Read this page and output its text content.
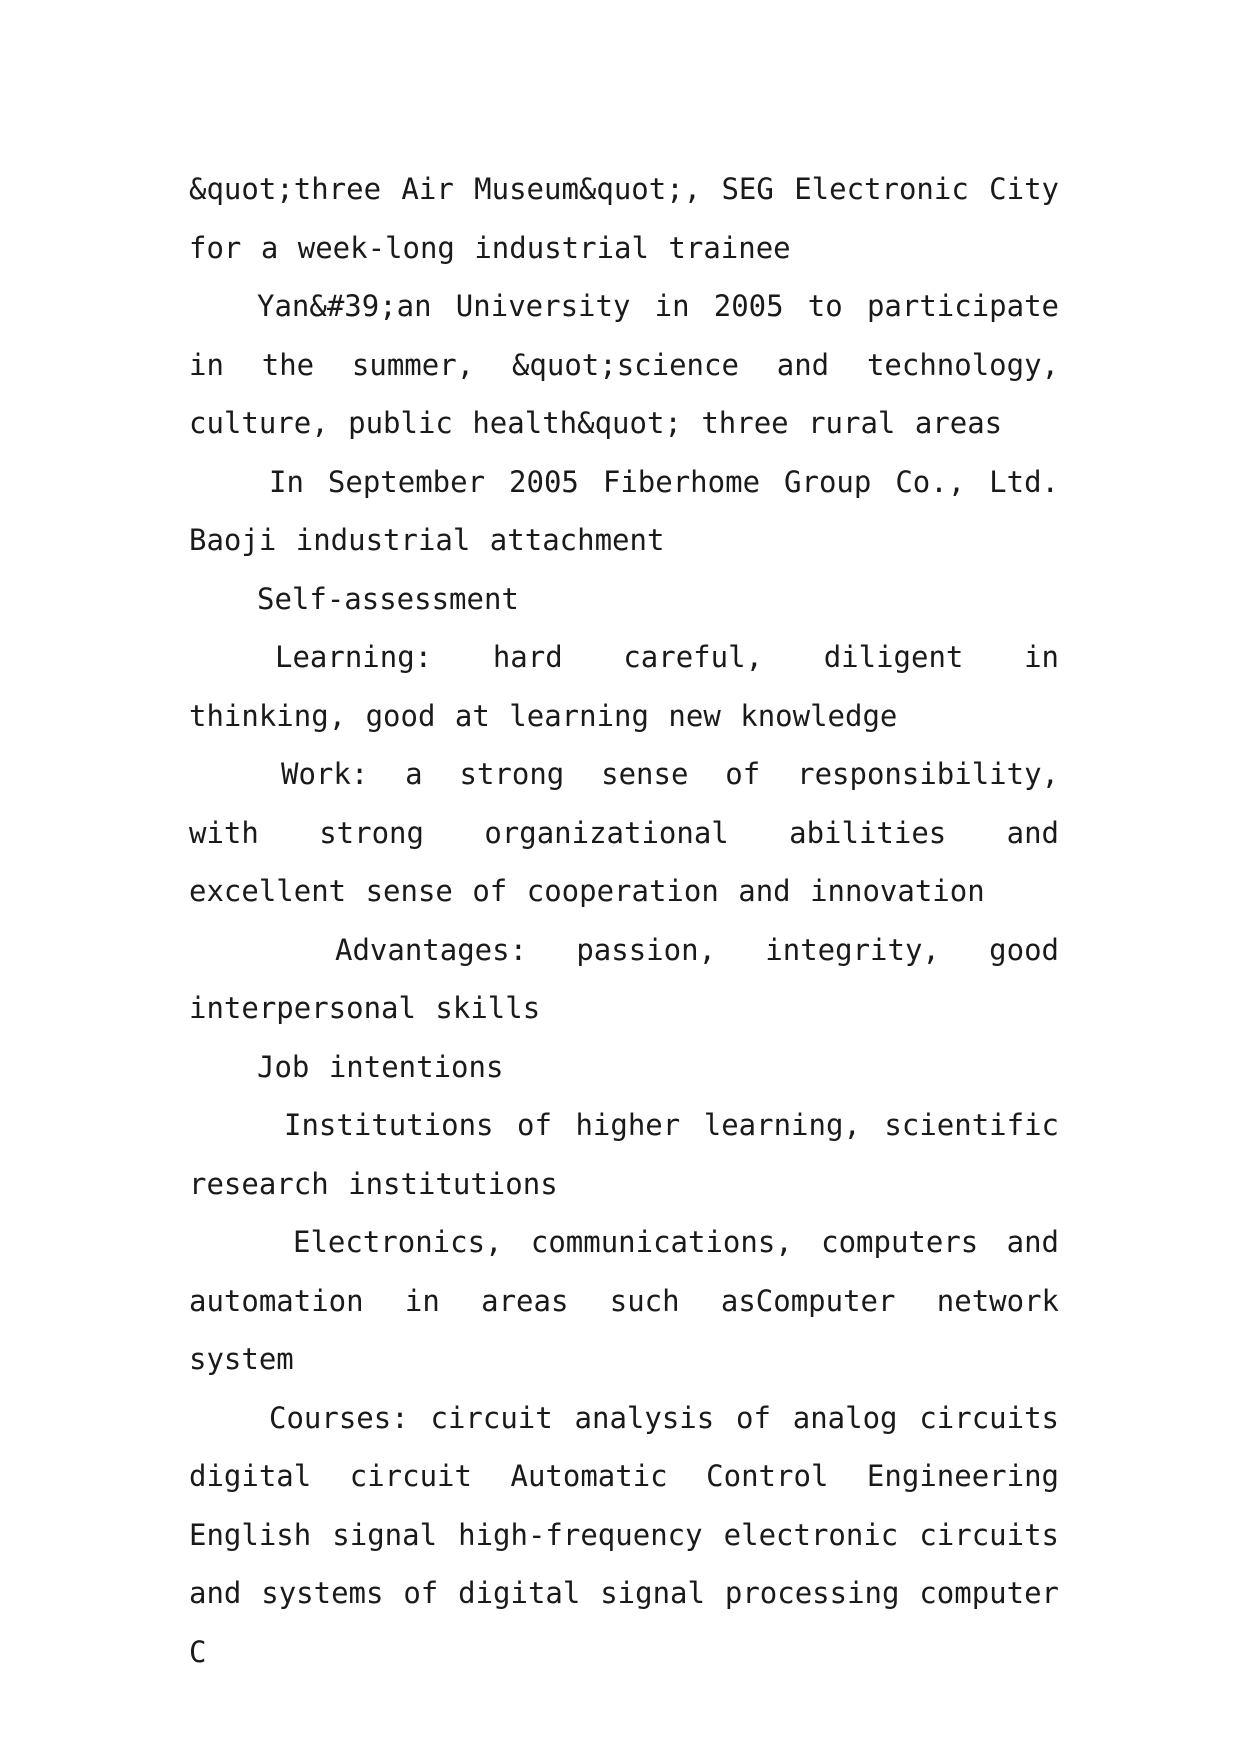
&quot;three Air Museum&quot;, SEG Electronic City for a week-long industrial trainee

Yan&#39;an University in 2005 to participate in the summer, &quot;science and technology, culture, public health&quot; three rural areas

In September 2005 Fiberhome Group Co., Ltd. Baoji industrial attachment

Self-assessment

Learning: hard careful, diligent in thinking, good at learning new knowledge

Work: a strong sense of responsibility, with strong organizational abilities and excellent sense of cooperation and innovation

Advantages: passion, integrity, good interpersonal skills

Job intentions

Institutions of higher learning, scientific research institutions

Electronics, communications, computers and automation in areas such asComputer network system

Courses: circuit analysis of analog circuits digital circuit Automatic Control Engineering English signal high-frequency electronic circuits and systems of digital signal processing computer C
